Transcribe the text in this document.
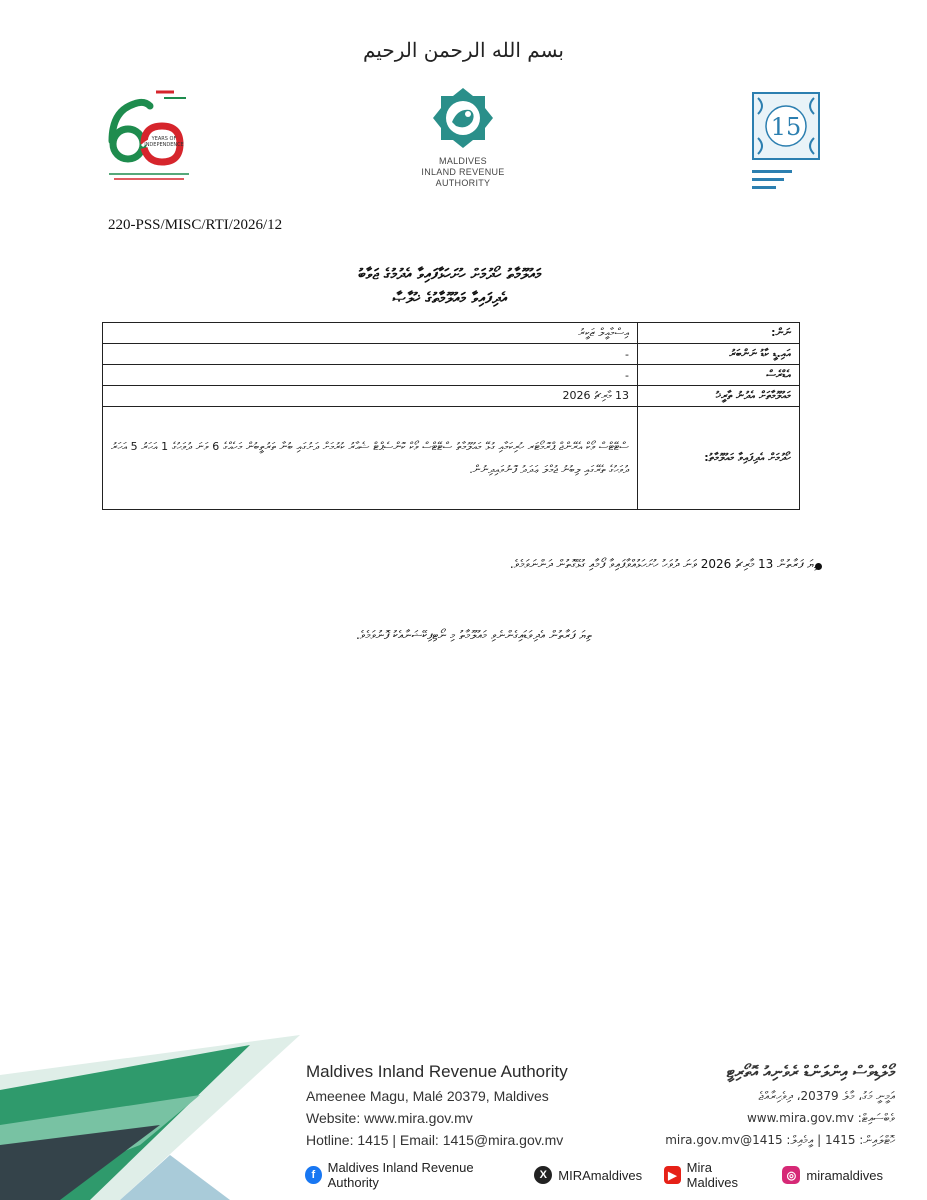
بسم الله الرحمن الرحيم
YEARS OF
INDEPENDENCE
MALDIVES
INLAND REVENUE
AUTHORITY
15
220-PSS/MISC/RTI/2026/12
މައުލޫމާތު ހޯދުމަށް ހުށަހަޅާފައިވާ އެދުމުގެ ޖަވާބު
އެދިފައިވާ މައުލޫމާތުގެ ޚުލާޞާ
ނަން:	އިސްމާއީލް ޒަކީރު
އައި.ޑީ ކާޑު ނަންބަރު	-
އެޑްރެސް	-
މައުލޫމާތަށް އެދުނު ތާރީޚު	13 މާރިޗު 2026
ހޯދުމަށް އެދިފައިވާ މައުލޫމާތު:	ސްޓޭޓްސް ވޯކް އެރޭންޖް ޕްރޮމޯޓަރ ހުރިކަމާއި ގުޅޭ މައުލޫމާތު ސްޓޭޓްސް ވޯކް ކޮންސެޕްޓް ޝެއާރު ކުރުމަށް ދަށުގައި ބުނާ ތަރުތީބުން މަހެއްގެ 6 ވަނަ ދުވަހުގެ 1 އަހަރު 5 އަހަރު ދުވަހުގެ ތެރޭގައި ލިބުނު ޖުމްލަ ޢަދަދު ފޮނުވައިދިނުން.
ތިޔަ ފަރާތުން 13 މާރިޗު 2026 ވަނަ ދުވަހު ހުށަހަޅުއްވާފައިވާ ފޯމާއި ގުޅޭގޮތުން ދަންނަވަމެވެ.
ތިޔަ ފަރާތުން އެދިވަޑައިގެންނެވި މައުލޫމާތު މި ނޯޓިފިކޭޝަނާއެކު ފޮނުވަމެވެ.
Maldives Inland Revenue Authority
Ameenee Magu, Malé 20379, Maldives
Website: www.mira.gov.mv
Hotline: 1415 | Email: 1415@mira.gov.mv
މޯލްޑިވްސް އިންލަންޑް ރެވެނިއު އޮތޯރިޓީ
އަމީނީ މަގު، މާލެ 20379، ދިވެހިރާއްޖެ
ވެބްސައިޓް: www.mira.gov.mv
ހޮޓްލައިން: 1415 | އީމެއިލް: 1415@mira.gov.mv
f Maldives Inland Revenue Authority	X MIRAmaldives	▶
Mira Maldives	◎ miramaldives
